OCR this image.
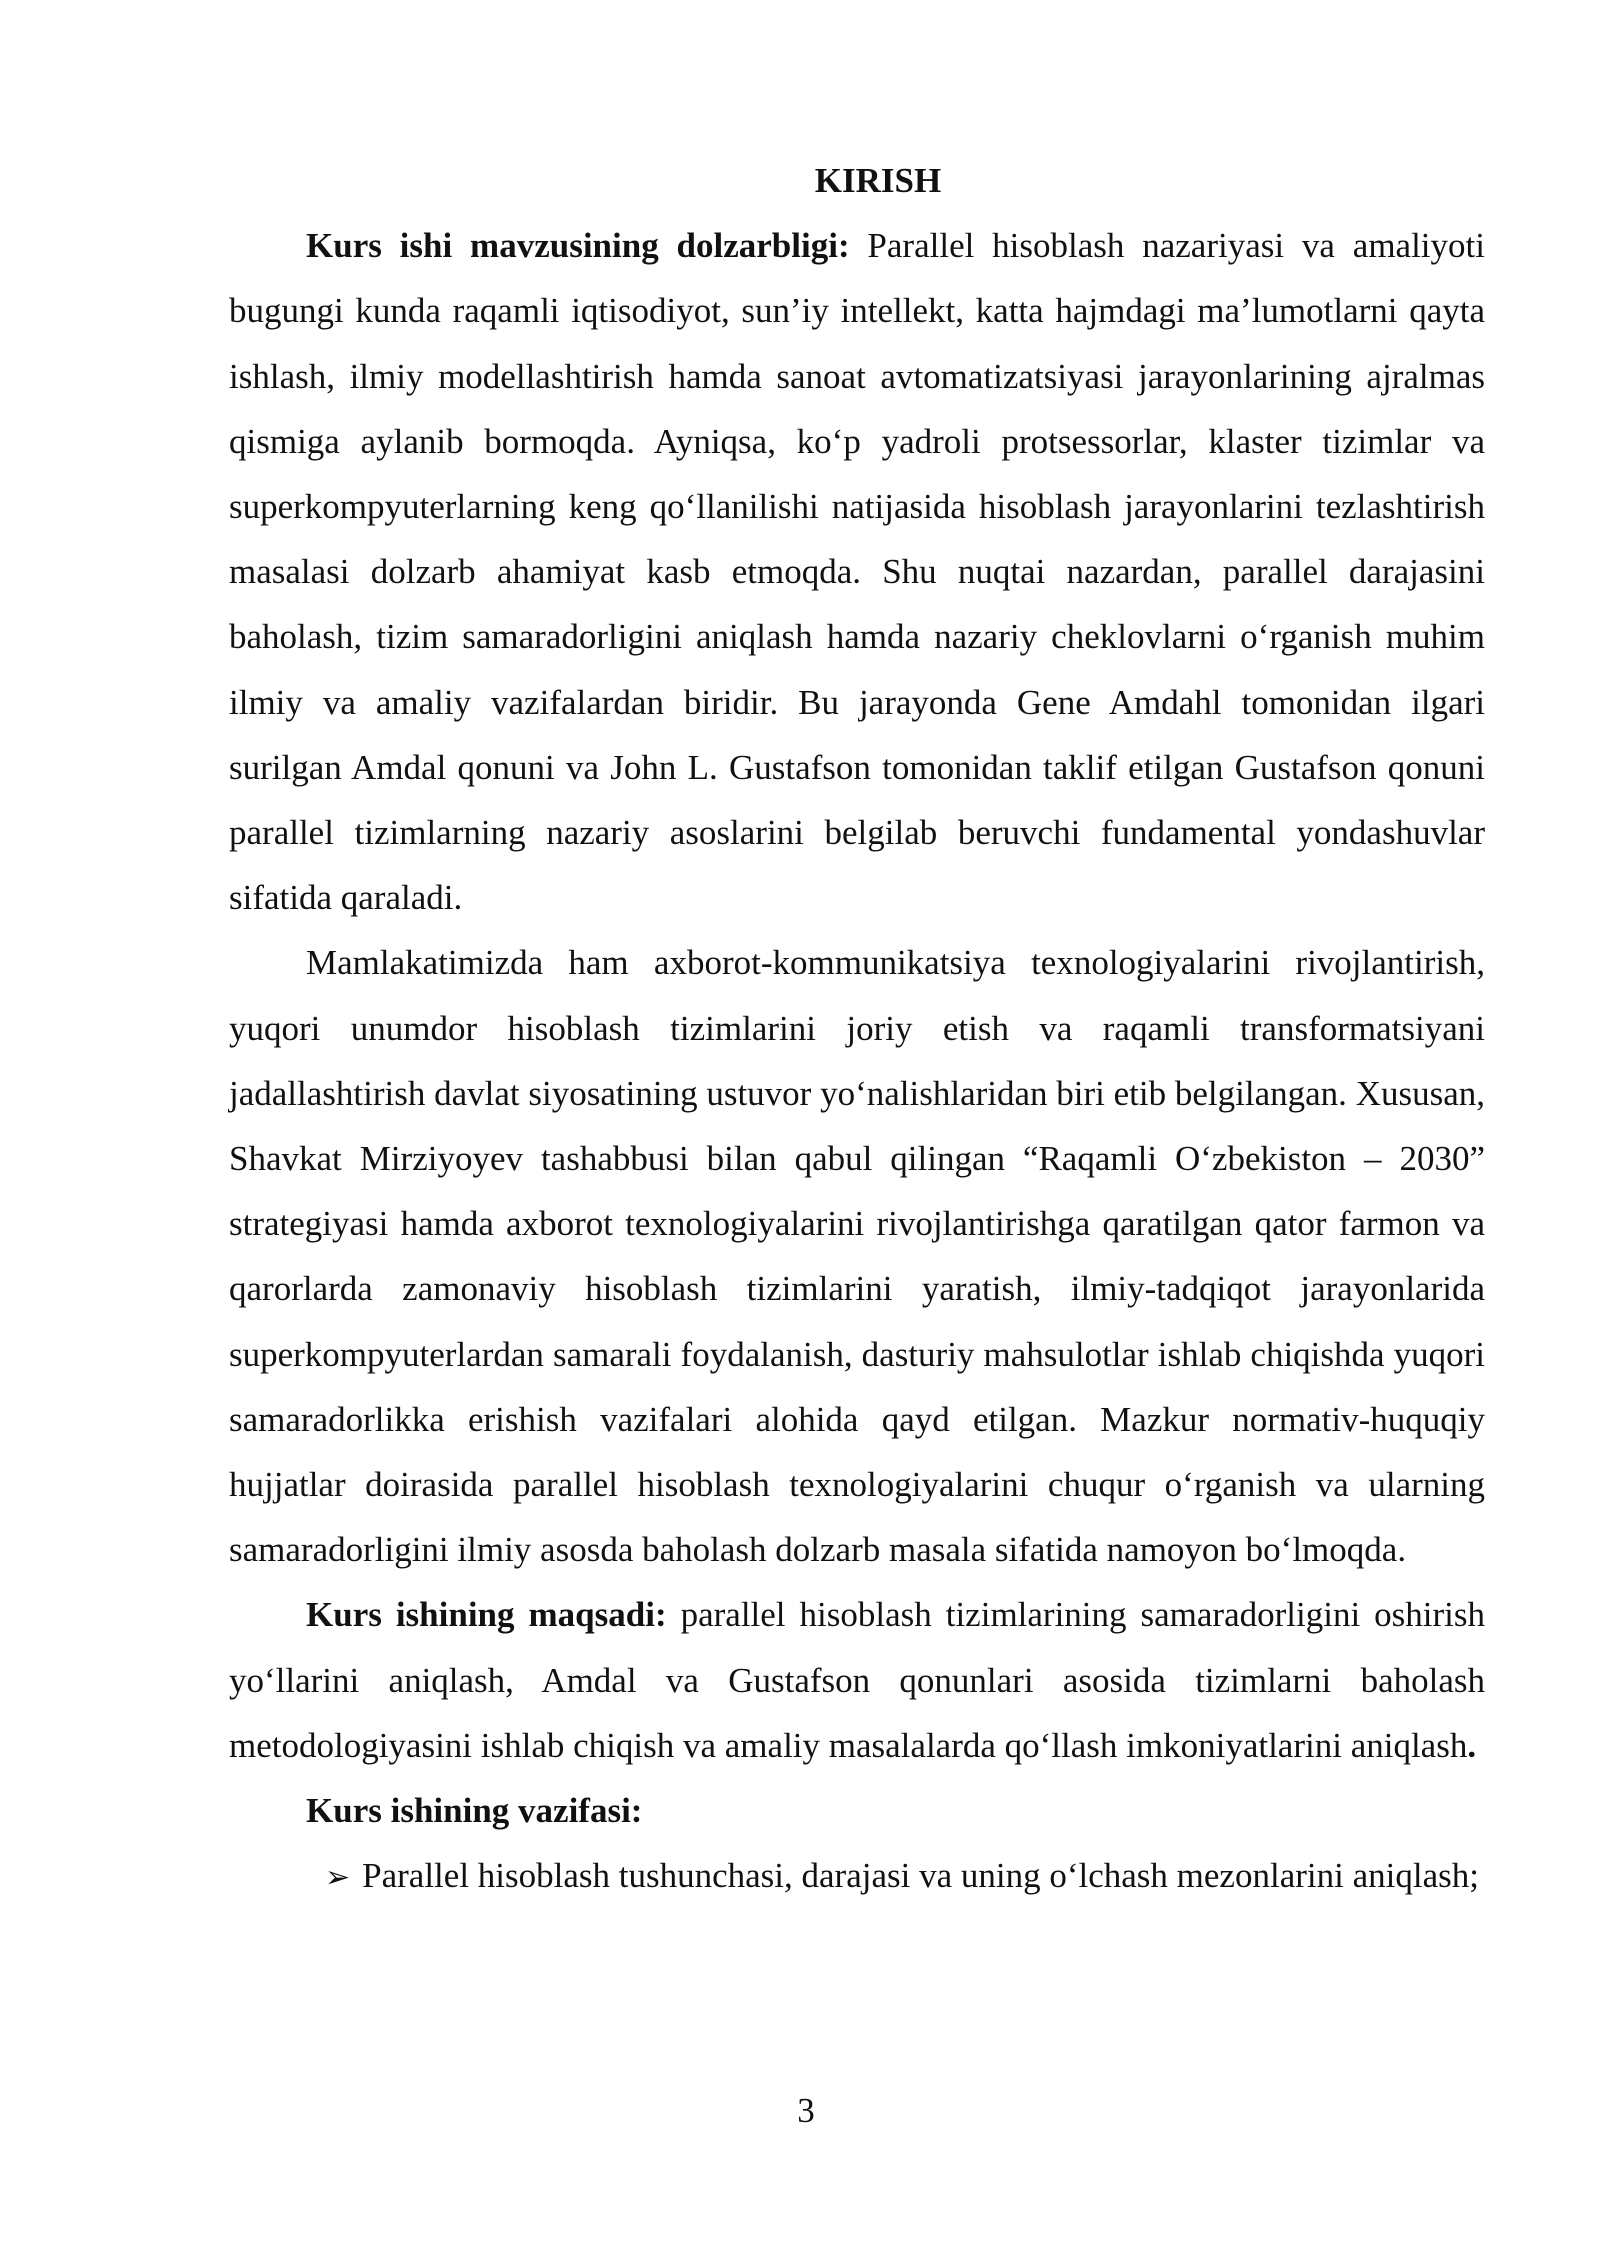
KIRISH

Kurs ishi mavzusining dolzarbligi: Parallel hisoblash nazariyasi va amaliyoti bugungi kunda raqamli iqtisodiyot, sun’iy intellekt, katta hajmdagi ma’lumotlarni qayta ishlash, ilmiy modellashtirish hamda sanoat avtomatizatsiyasi jarayonlarining ajralmas qismiga aylanib bormoqda. Ayniqsa, ko‘p yadroli protsessorlar, klaster tizimlar va superkompyuterlarning keng qo‘llanilishi natijasida hisoblash jarayonlarini tezlashtirish masalasi dolzarb ahamiyat kasb etmoqda. Shu nuqtai nazardan, parallel darajasini baholash, tizim samaradorligini aniqlash hamda nazariy cheklovlarni o‘rganish muhim ilmiy va amaliy vazifalardan biridir. Bu jarayonda Gene Amdahl tomonidan ilgari surilgan Amdal qonuni va John L. Gustafson tomonidan taklif etilgan Gustafson qonuni parallel tizimlarning nazariy asoslarini belgilab beruvchi fundamental yondashuvlar sifatida qaraladi.

Mamlakatimizda ham axborot-kommunikatsiya texnologiyalarini rivojlantirish, yuqori unumdor hisoblash tizimlarini joriy etish va raqamli transformatsiyani jadallashtirish davlat siyosatining ustuvor yo‘nalishlaridan biri etib belgilangan. Xususan, Shavkat Mirziyoyev tashabbusi bilan qabul qilingan “Raqamli O‘zbekiston – 2030” strategiyasi hamda axborot texnologiyalarini rivojlantirishga qaratilgan qator farmon va qarorlarda zamonaviy hisoblash tizimlarini yaratish, ilmiy-tadqiqot jarayonlarida superkompyuterlardan samarali foydalanish, dasturiy mahsulotlar ishlab chiqishda yuqori samaradorlikka erishish vazifalari alohida qayd etilgan. Mazkur normativ-huquqiy hujjatlar doirasida parallel hisoblash texnologiyalarini chuqur o‘rganish va ularning samaradorligini ilmiy asosda baholash dolzarb masala sifatida namoyon bo‘lmoqda.

Kurs ishining maqsadi: parallel hisoblash tizimlarining samaradorligini oshirish yo‘llarini aniqlash, Amdal va Gustafson qonunlari asosida tizimlarni baholash metodologiyasini ishlab chiqish va amaliy masalalarda qo‘llash imkoniyatlarini aniqlash.

Kurs ishining vazifasi:

➢ Parallel hisoblash tushunchasi, darajasi va uning o‘lchash mezonlarini aniqlash;

3
